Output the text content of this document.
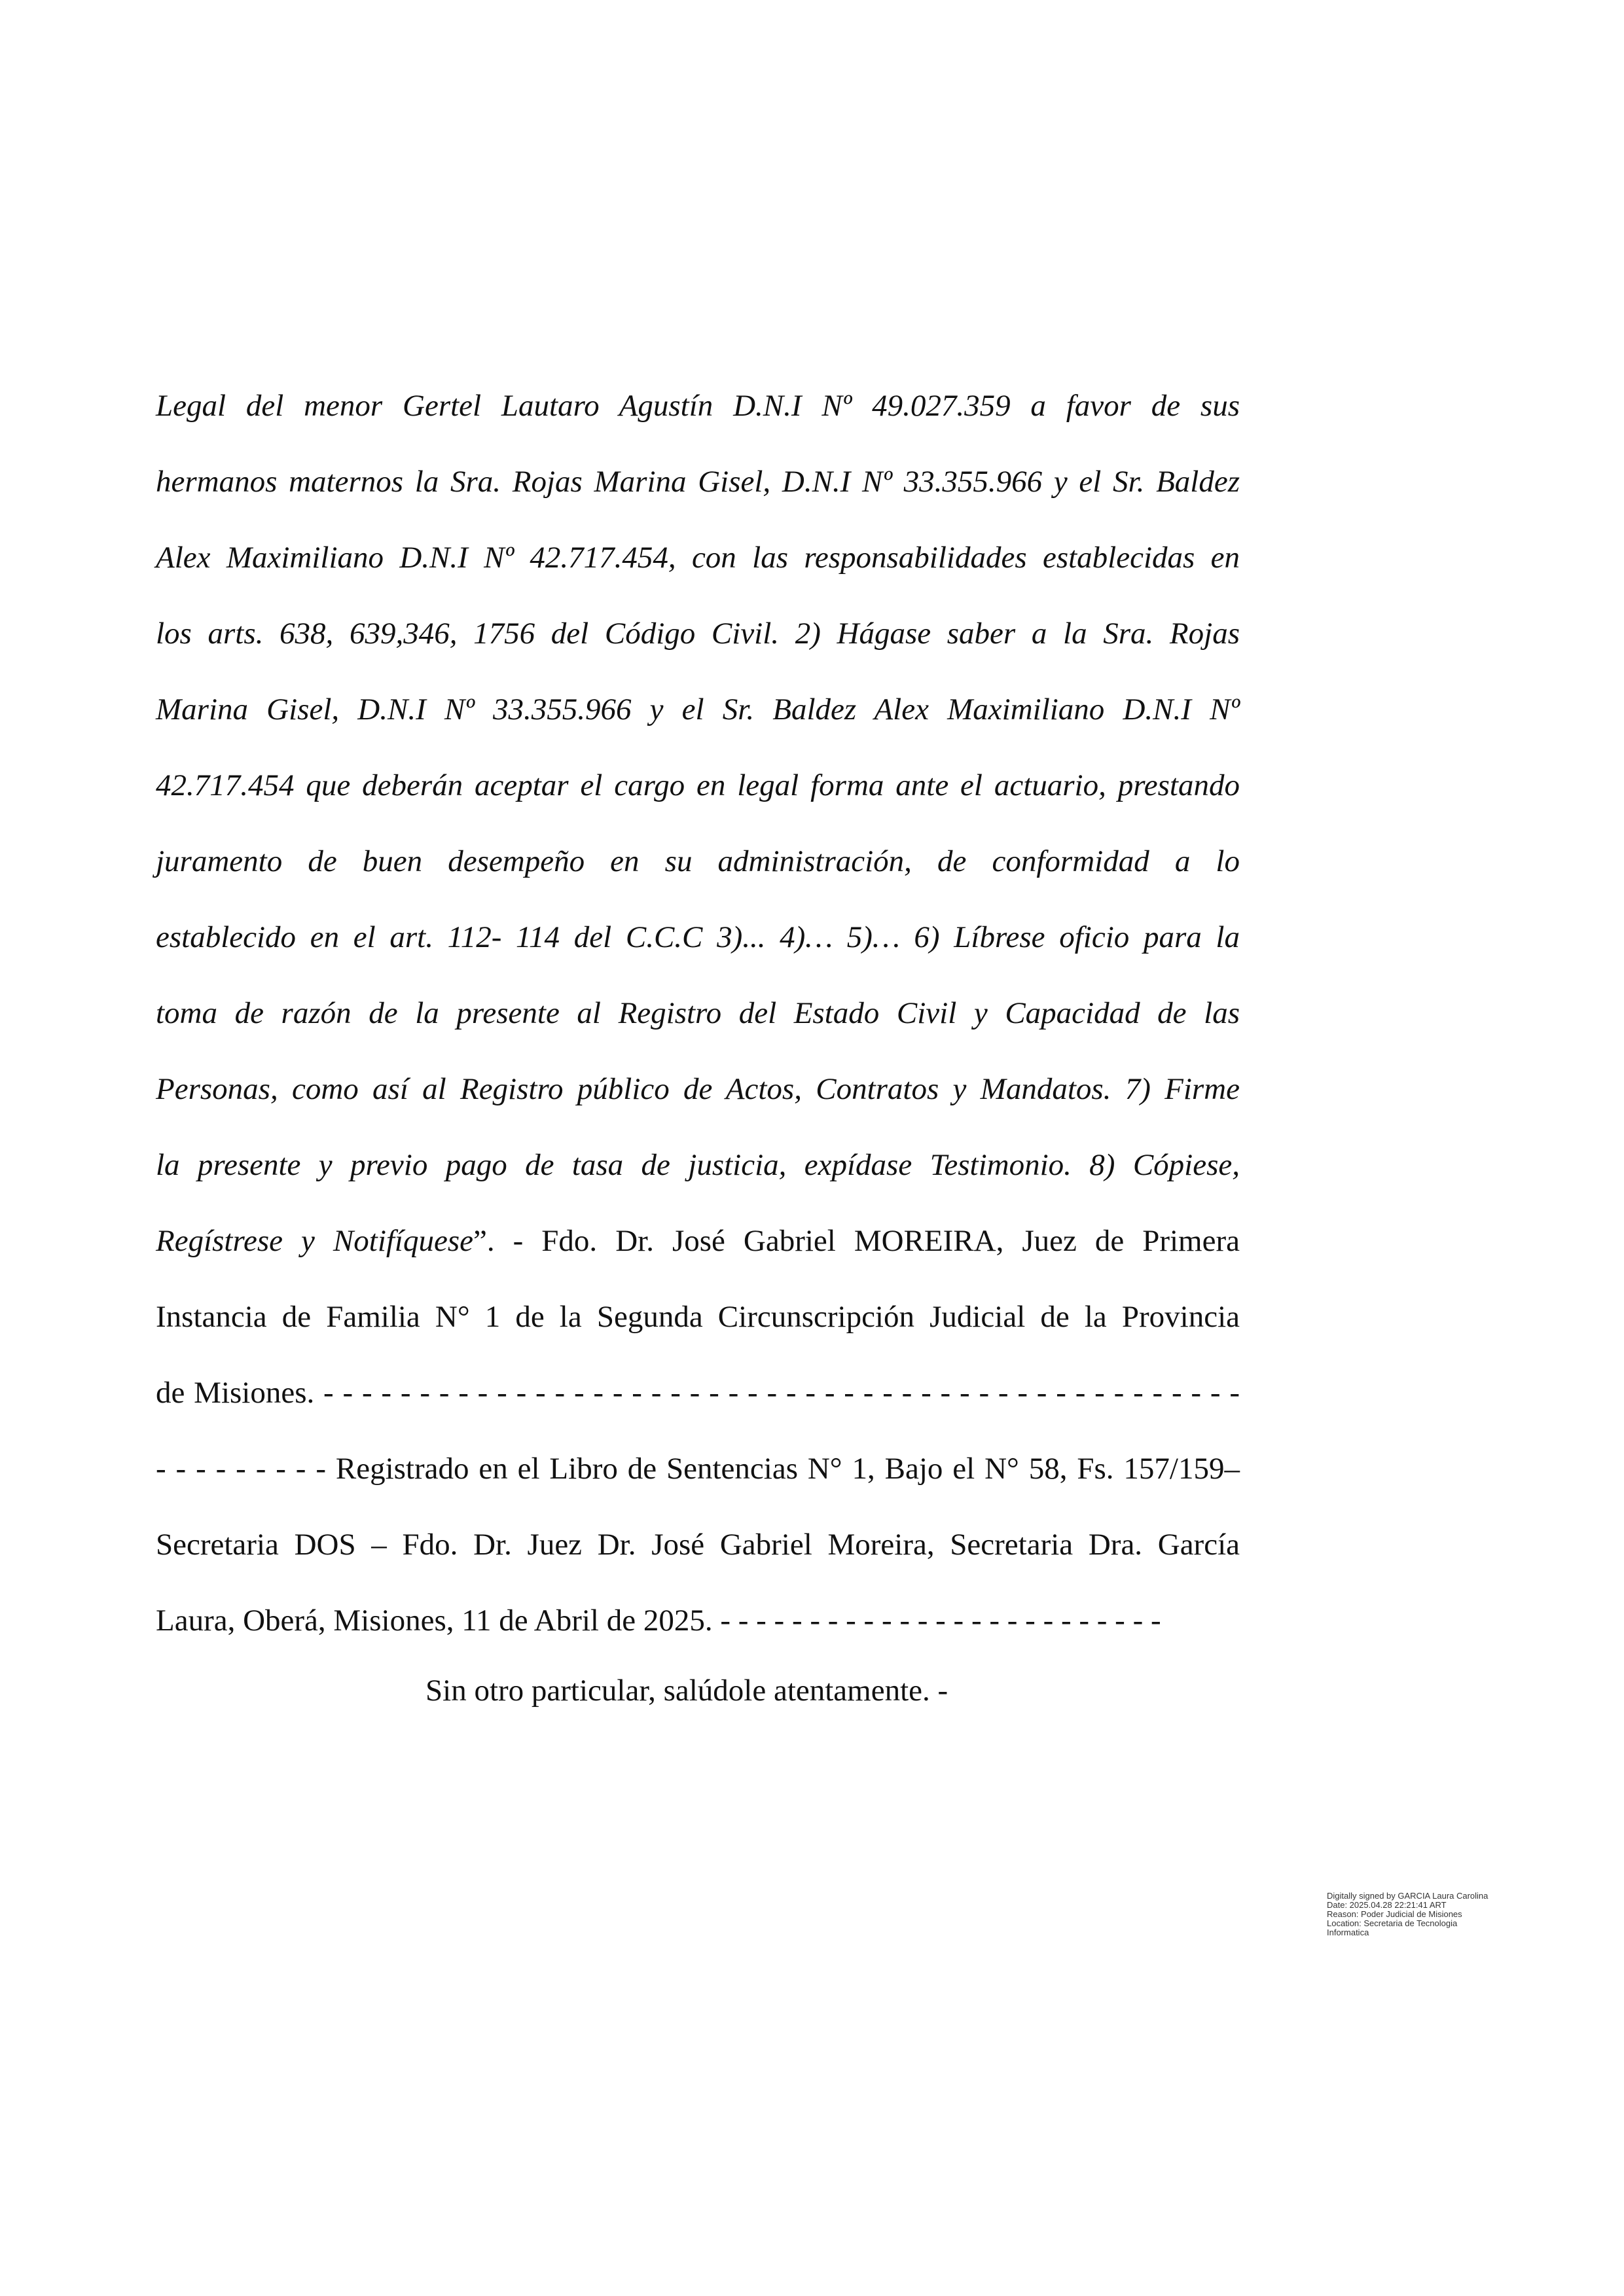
Legal del menor Gertel Lautaro Agustín D.N.I Nº 49.027.359 a favor de sus
hermanos maternos la Sra. Rojas Marina Gisel, D.N.I Nº 33.355.966 y el Sr. Baldez
Alex Maximiliano D.N.I Nº 42.717.454, con las responsabilidades establecidas en
los arts. 638, 639,346, 1756 del Código Civil. 2) Hágase saber a la Sra. Rojas
Marina Gisel, D.N.I Nº 33.355.966 y el Sr. Baldez Alex Maximiliano D.N.I Nº
42.717.454 que deberán aceptar el cargo en legal forma ante el actuario, prestando
juramento de buen desempeño en su administración, de conformidad a lo
establecido en el art. 112- 114 del C.C.C 3)... 4)… 5)… 6) Líbrese oficio para la
toma de razón de la presente al Registro del Estado Civil y Capacidad de las
Personas, como así al Registro público de Actos, Contratos y Mandatos. 7) Firme
la presente y previo pago de tasa de justicia, expídase Testimonio. 8) Cópiese,
Regístrese y Notifíquese”. - Fdo. Dr. José Gabriel MOREIRA, Juez de Primera
Instancia de Familia N° 1 de la Segunda Circunscripción Judicial de la Provincia
de Misiones. - - - - - - - - - - - - - - - - - - - - - - - - - - - - - - - - - - - - - - - - - - - - - - - -
- - - - - - - - - Registrado en el Libro de Sentencias N° 1, Bajo el N° 58, Fs. 157/159–
Secretaria DOS – Fdo. Dr. Juez Dr. José Gabriel Moreira, Secretaria Dra. García
Laura, Oberá, Misiones, 11 de Abril de 2025. - - - - - - - - - - - - - - - - - - - - - - - - -
Sin otro particular, salúdole atentamente. -
Digitally signed by GARCIA Laura Carolina
Date: 2025.04.28 22:21:41 ART
Reason: Poder Judicial de Misiones
Location: Secretaria de Tecnologia
Informatica
